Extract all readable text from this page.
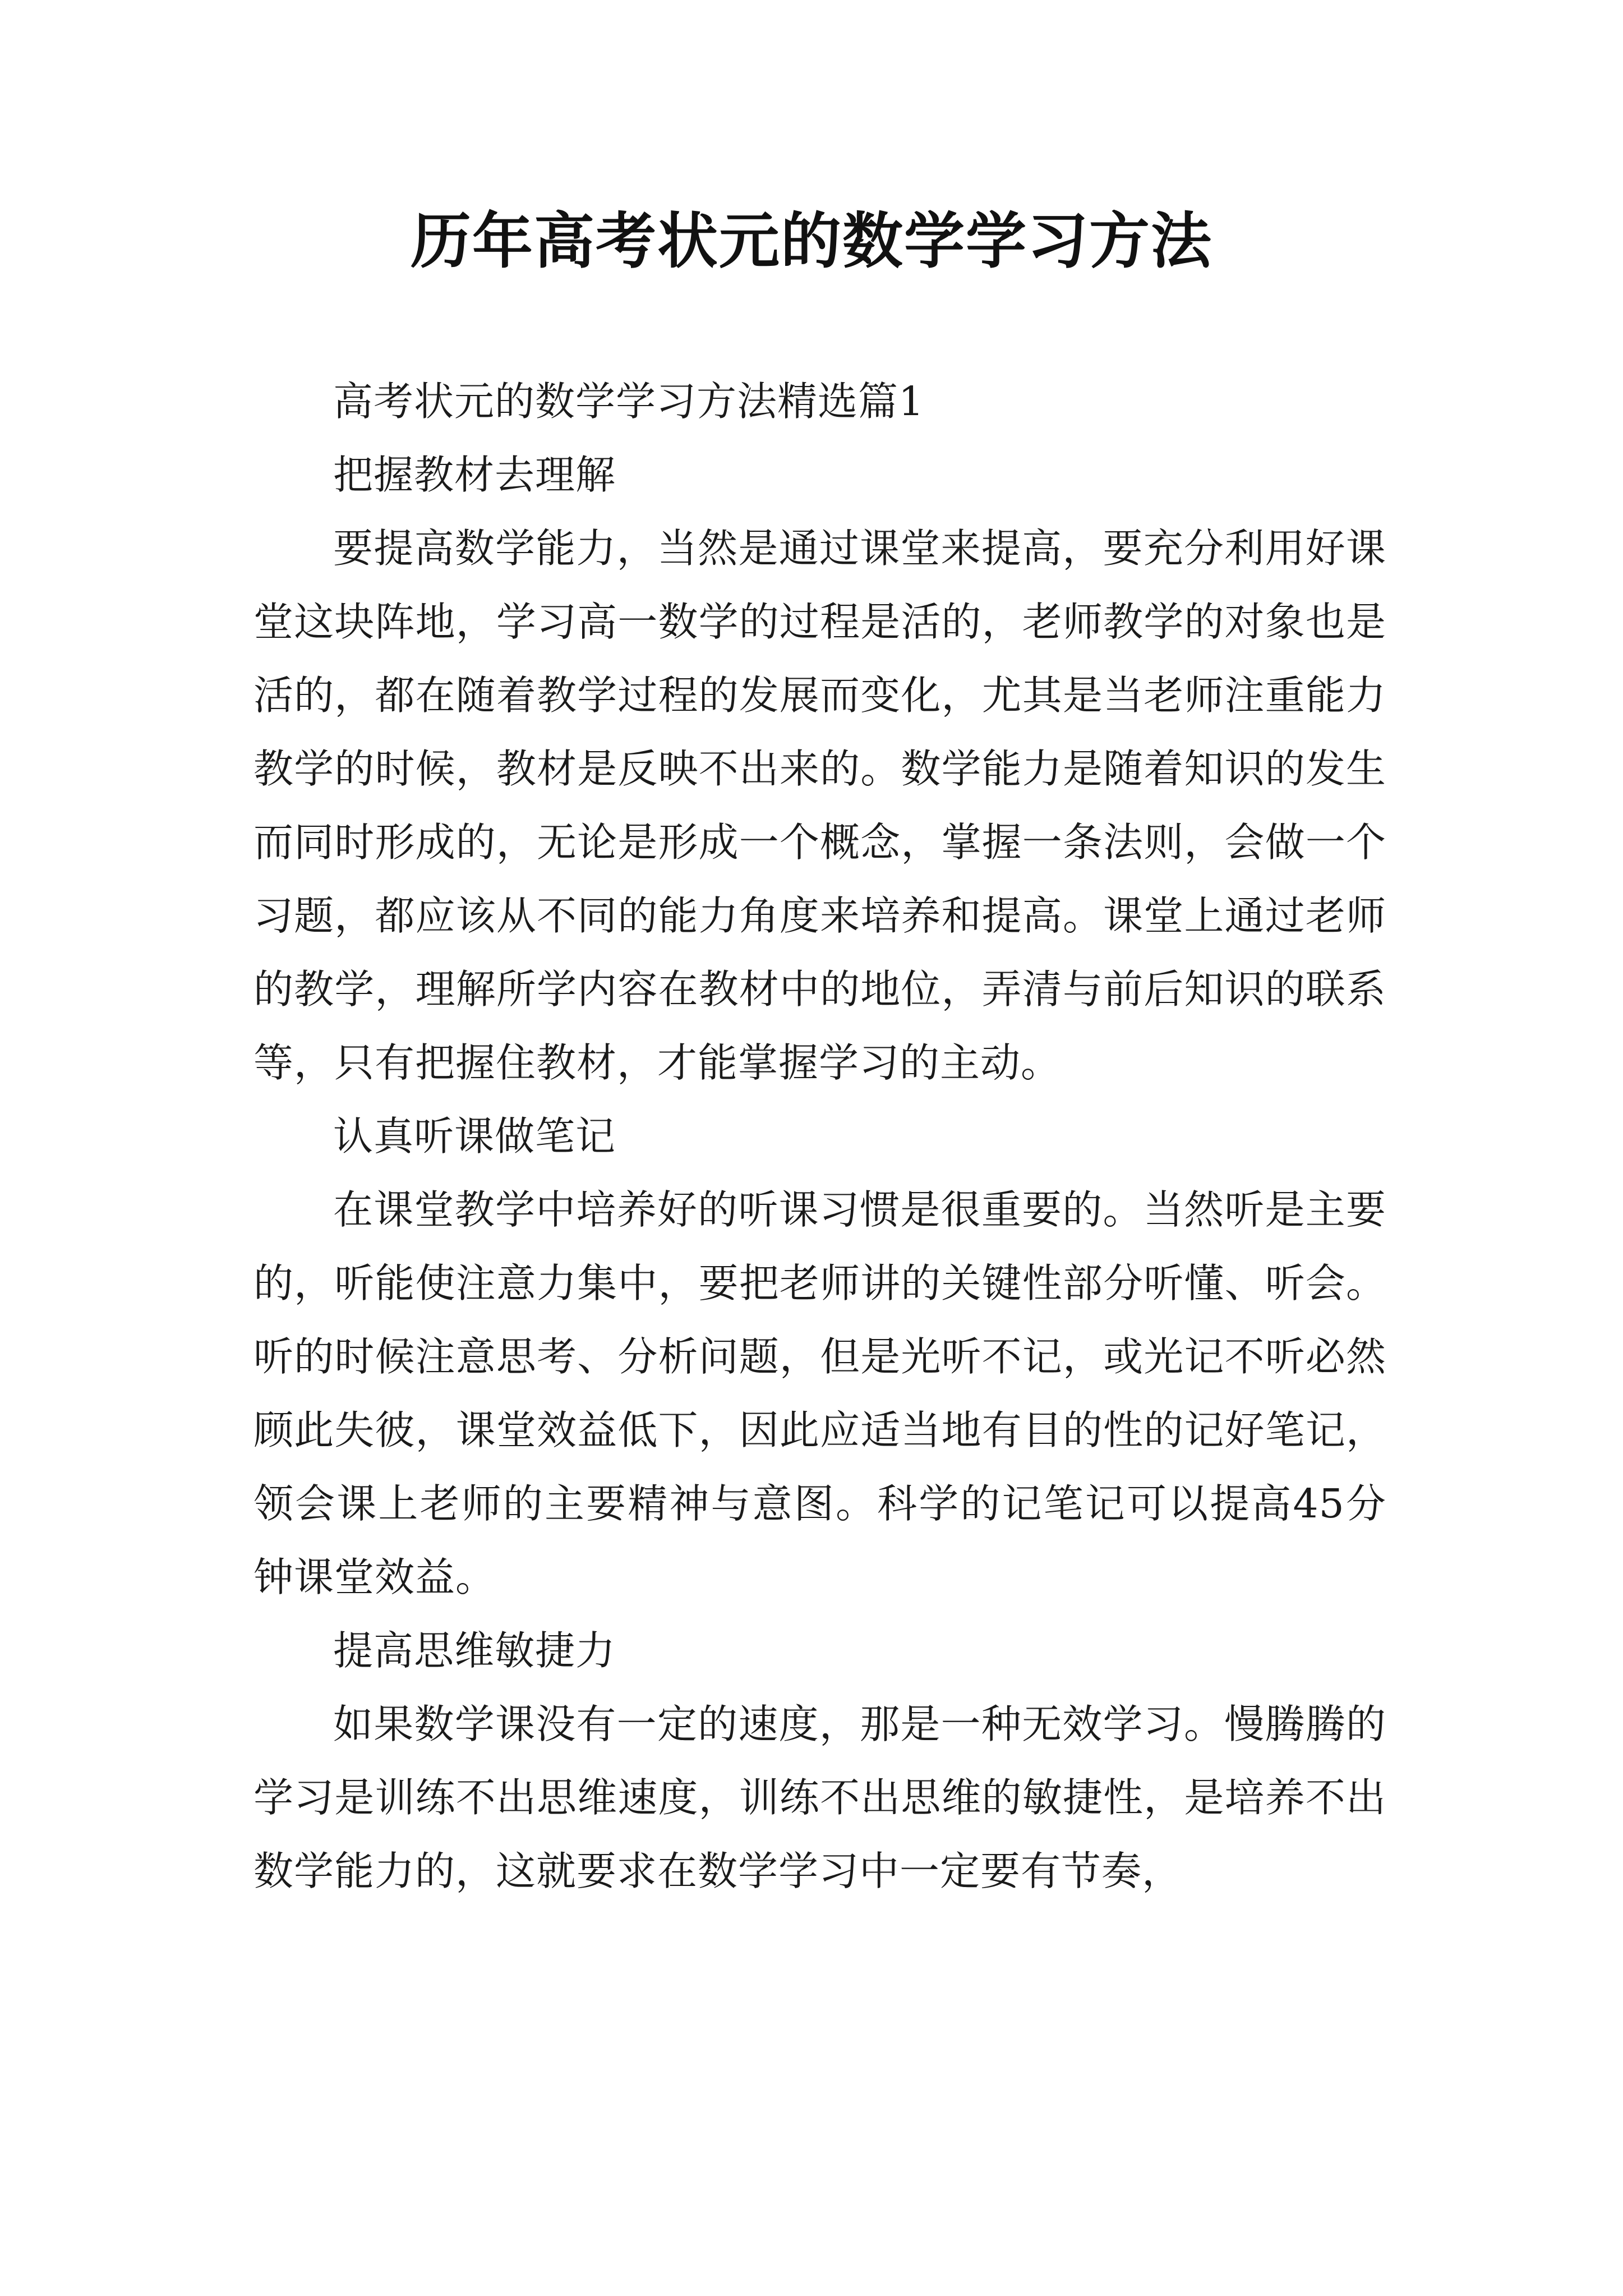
历年高考状元的数学学习方法

高考状元的数学学习方法精选篇1

把握教材去理解

要提高数学能力，当然是通过课堂来提高，要充分利用好课堂这块阵地，学习高一数学的过程是活的，老师教学的对象也是活的，都在随着教学过程的发展而变化，尤其是当老师注重能力教学的时候，教材是反映不出来的。数学能力是随着知识的发生而同时形成的，无论是形成一个概念，掌握一条法则，会做一个习题，都应该从不同的能力角度来培养和提高。课堂上通过老师的教学，理解所学内容在教材中的地位，弄清与前后知识的联系等，只有把握住教材，才能掌握学习的主动。

认真听课做笔记

在课堂教学中培养好的听课习惯是很重要的。当然听是主要的，听能使注意力集中，要把老师讲的关键性部分听懂、听会。听的时候注意思考、分析问题，但是光听不记，或光记不听必然顾此失彼，课堂效益低下，因此应适当地有目的性的记好笔记，领会课上老师的主要精神与意图。科学的记笔记可以提高45分钟课堂效益。

提高思维敏捷力

如果数学课没有一定的速度，那是一种无效学习。慢腾腾的学习是训练不出思维速度，训练不出思维的敏捷性，是培养不出数学能力的，这就要求在数学学习中一定要有节奏，
